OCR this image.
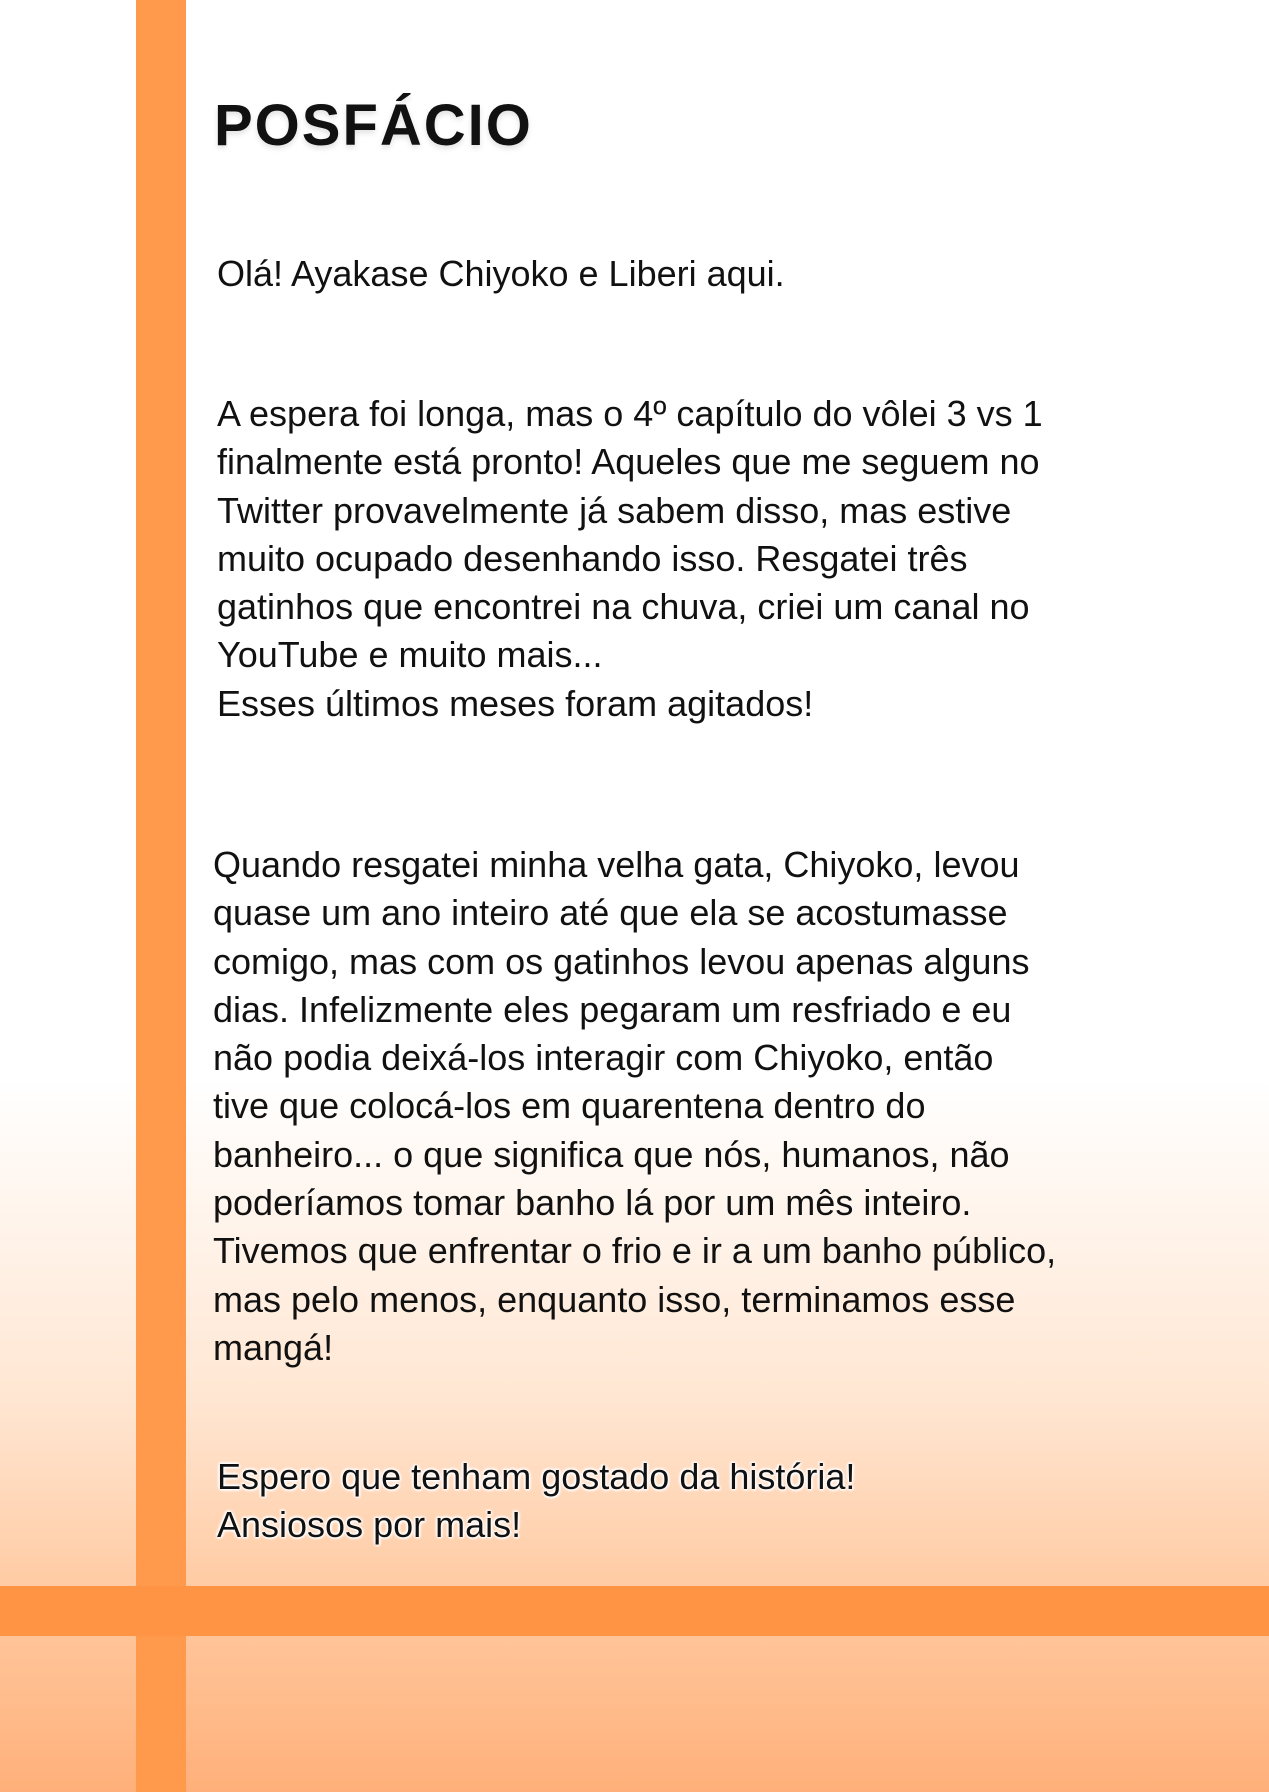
POSFÁCIO
Olá! Ayakase Chiyoko e Liberi aqui.
A espera foi longa, mas o 4º capítulo do vôlei 3 vs 1
finalmente está pronto! Aqueles que me seguem no
Twitter provavelmente já sabem disso, mas estive
muito ocupado desenhando isso. Resgatei três
gatinhos que encontrei na chuva, criei um canal no
YouTube e muito mais...
Esses últimos meses foram agitados!
Quando resgatei minha velha gata, Chiyoko, levou
quase um ano inteiro até que ela se acostumasse
comigo, mas com os gatinhos levou apenas alguns
dias. Infelizmente eles pegaram um resfriado e eu
não podia deixá-los interagir com Chiyoko, então
tive que colocá-los em quarentena dentro do
banheiro... o que significa que nós, humanos, não
poderíamos tomar banho lá por um mês inteiro.
Tivemos que enfrentar o frio e ir a um banho público,
mas pelo menos, enquanto isso, terminamos esse
mangá!
Espero que tenham gostado da história!
Ansiosos por mais!
